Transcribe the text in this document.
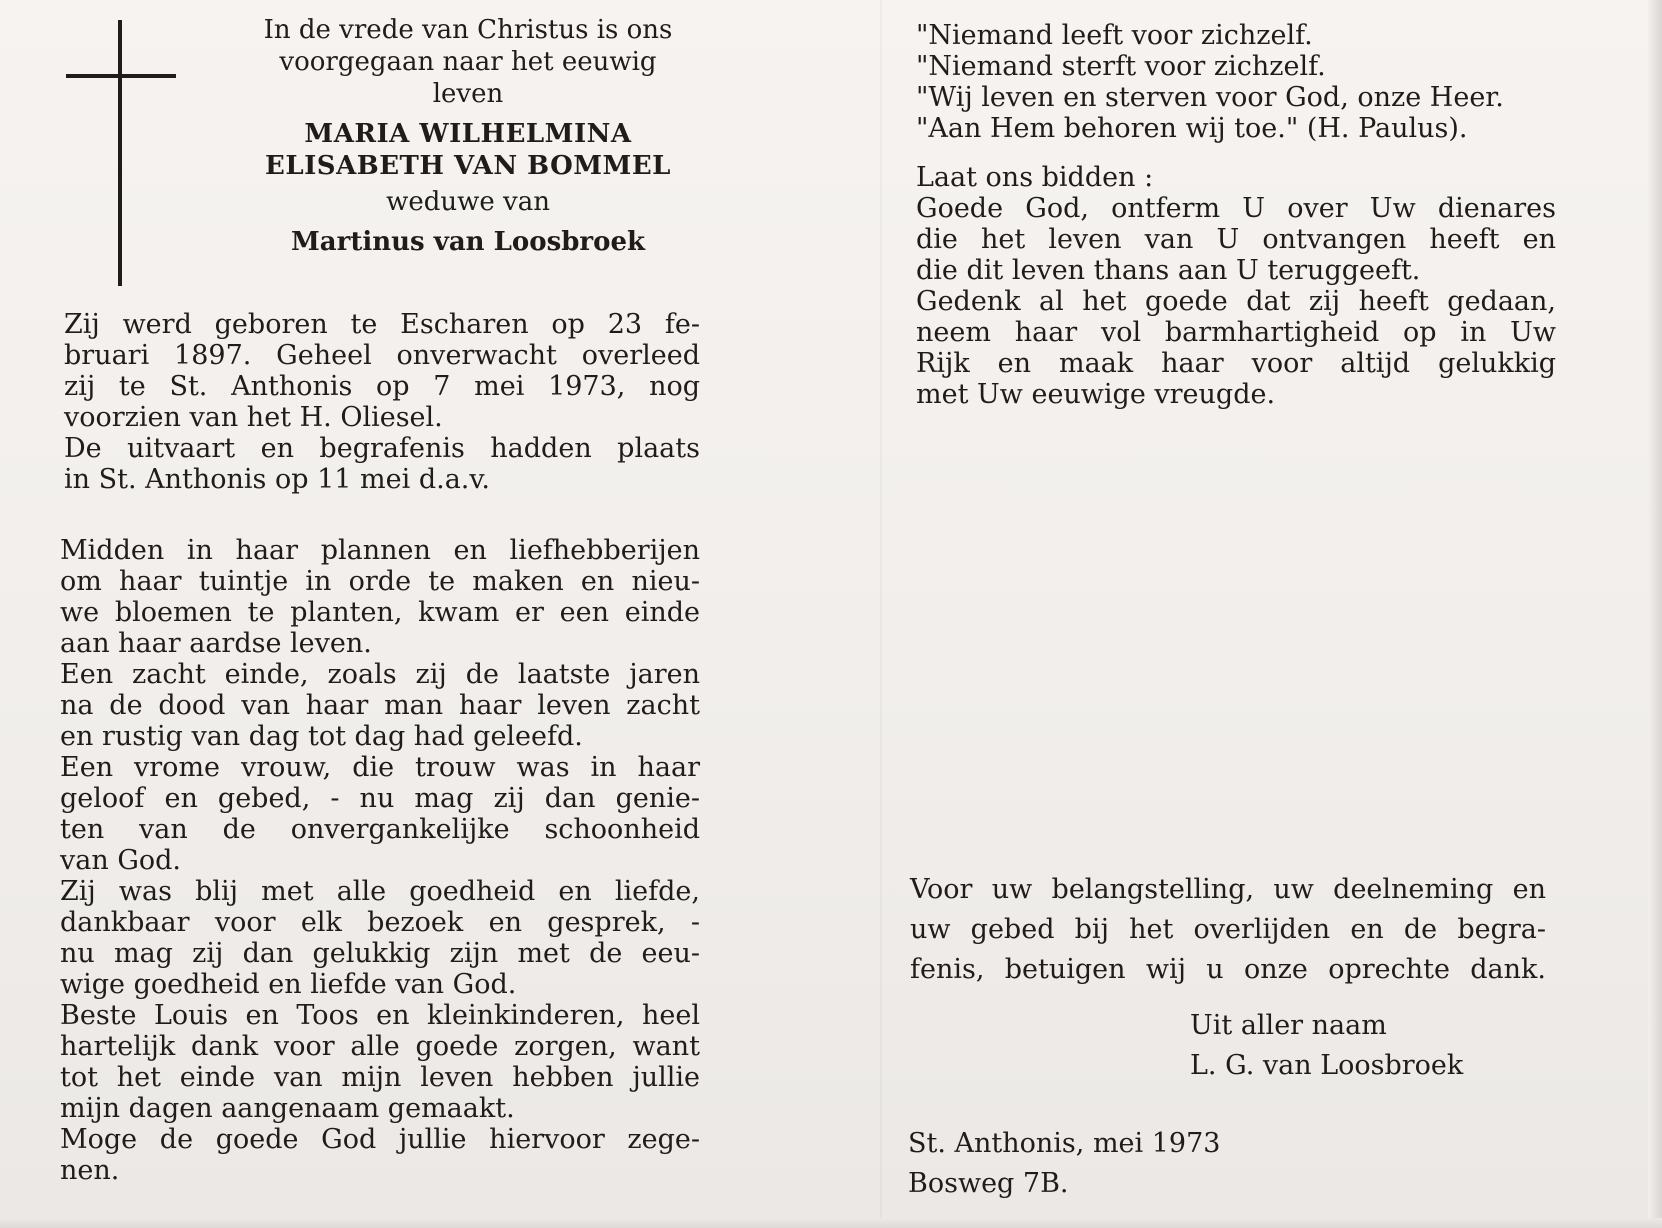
In de vrede van Christus is ons
voorgegaan naar het eeuwig
leven
MARIA WILHELMINA
ELISABETH VAN BOMMEL
weduwe van
Martinus van Loosbroek
Zij werd geboren te Escharen op 23 fe-
bruari 1897. Geheel onverwacht overleed
zij te St. Anthonis op 7 mei 1973, nog
voorzien van het H. Oliesel.
De uitvaart en begrafenis hadden plaats
in St. Anthonis op 11 mei d.a.v.
Midden in haar plannen en liefhebberijen
om haar tuintje in orde te maken en nieu-
we bloemen te planten, kwam er een einde
aan haar aardse leven.
Een zacht einde, zoals zij de laatste jaren
na de dood van haar man haar leven zacht
en rustig van dag tot dag had geleefd.
Een vrome vrouw, die trouw was in haar
geloof en gebed, - nu mag zij dan genie-
ten van de onvergankelijke schoonheid
van God.
Zij was blij met alle goedheid en liefde,
dankbaar voor elk bezoek en gesprek, -
nu mag zij dan gelukkig zijn met de eeu-
wige goedheid en liefde van God.
Beste Louis en Toos en kleinkinderen, heel
hartelijk dank voor alle goede zorgen, want
tot het einde van mijn leven hebben jullie
mijn dagen aangenaam gemaakt.
Moge de goede God jullie hiervoor zege-
nen.
"Niemand leeft voor zichzelf.
"Niemand sterft voor zichzelf.
"Wij leven en sterven voor God, onze Heer.
"Aan Hem behoren wij toe." (H. Paulus).
Laat ons bidden :
Goede God, ontferm U over Uw dienares
die het leven van U ontvangen heeft en
die dit leven thans aan U teruggeeft.
Gedenk al het goede dat zij heeft gedaan,
neem haar vol barmhartigheid op in Uw
Rijk en maak haar voor altijd gelukkig
met Uw eeuwige vreugde.
Voor uw belangstelling, uw deelneming en
uw gebed bij het overlijden en de begra-
fenis, betuigen wij u onze oprechte dank.
Uit aller naam
L. G. van Loosbroek
St. Anthonis, mei 1973
Bosweg 7B.
